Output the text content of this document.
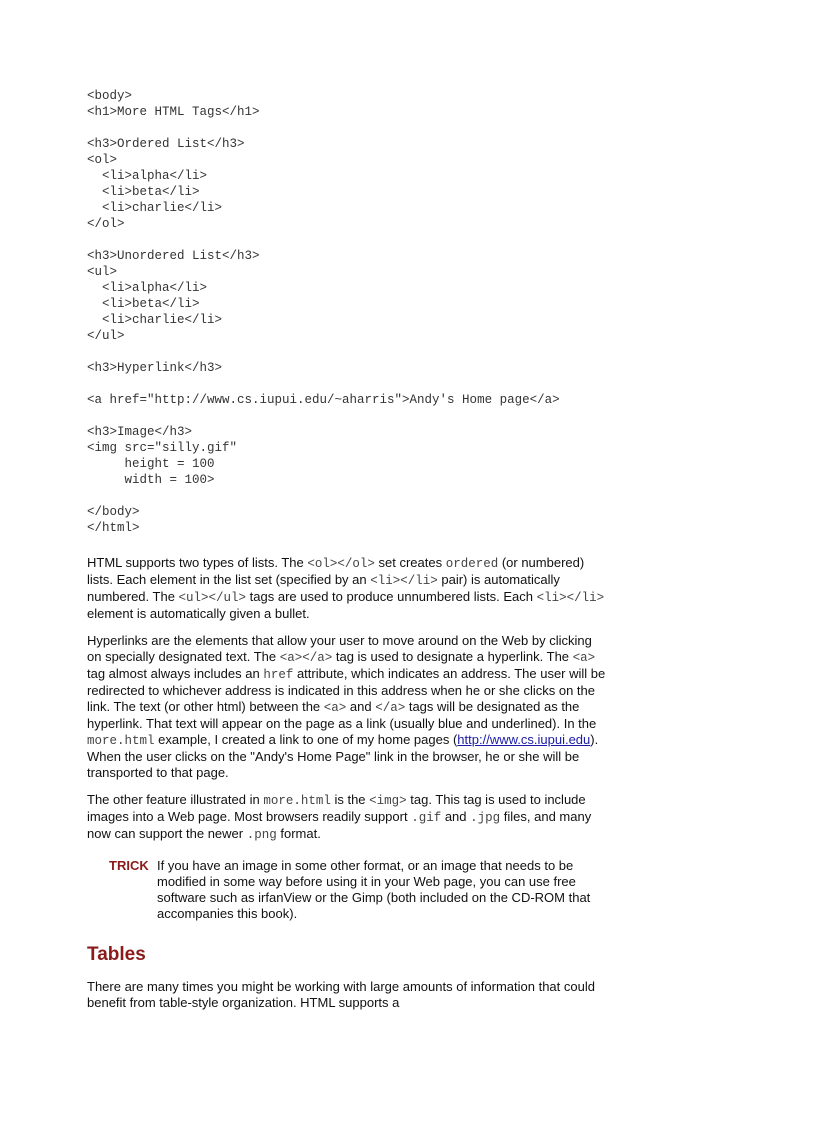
<body>
<h1>More HTML Tags</h1>

<h3>Ordered List</h3>
<ol>
<li>alpha</li>
<li>beta</li>
<li>charlie</li>
</ol>

<h3>Unordered List</h3>
<ul>
<li>alpha</li>
<li>beta</li>
<li>charlie</li>
</ul>

<h3>Hyperlink</h3>

<a href="http://www.cs.iupui.edu/~aharris">Andy's Home page</a>

<h3>Image</h3>
<img src="silly.gif"
height = 100
width = 100>

</body>
</html>

HTML supports two types of lists. The <ol></ol> set creates ordered (or numbered) lists. Each element in the list set (specified by an <li></li> pair) is automatically numbered. The <ul></ul> tags are used to produce unnumbered lists. Each <li></li> element is automatically given a bullet.

Hyperlinks are the elements that allow your user to move around on the Web by clicking on specially designated text. The <a></a> tag is used to designate a hyperlink. The <a> tag almost always includes an href attribute, which indicates an address. The user will be redirected to whichever address is indicated in this address when he or she clicks on the link. The text (or other html) between the <a> and </a> tags will be designated as the hyperlink. That text will appear on the page as a link (usually blue and underlined). In the more.html example, I created a link to one of my home pages (http://www.cs.iupui.edu). When the user clicks on the "Andy's Home Page" link in the browser, he or she will be transported to that page.

The other feature illustrated in more.html is the <img> tag. This tag is used to include images into a Web page. Most browsers readily support .gif and .jpg files, and many now can support the newer .png format.

TRICK If you have an image in some other format, or an image that needs to be modified in some way before using it in your Web page, you can use free software such as irfanView or the Gimp (both included on the CD-ROM that accompanies this book).
Tables

There are many times you might be working with large amounts of information that could benefit from table-style organization. HTML supports a
